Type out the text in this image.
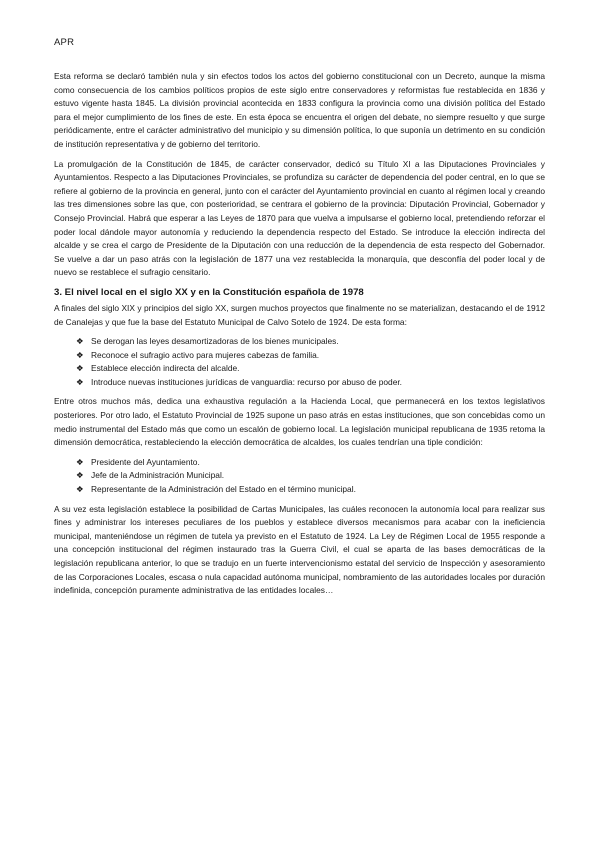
APR

Esta reforma se declaró también nula y sin efectos todos los actos del gobierno constitucional con un Decreto, aunque la misma como consecuencia de los cambios políticos propios de este siglo entre conservadores y reformistas fue restablecida en 1836 y estuvo vigente hasta 1845. La división provincial acontecida en 1833 configura la provincia como una división política del Estado para el mejor cumplimiento de los fines de este. En esta época se encuentra el origen del debate, no siempre resuelto y que surge periódicamente, entre el carácter administrativo del municipio y su dimensión política, lo que suponía un detrimento en su condición de institución representativa y de gobierno del territorio.

La promulgación de la Constitución de 1845, de carácter conservador, dedicó su Título XI a las Diputaciones Provinciales y Ayuntamientos. Respecto a las Diputaciones Provinciales, se profundiza su carácter de dependencia del poder central, en lo que se refiere al gobierno de la provincia en general, junto con el carácter del Ayuntamiento provincial en cuanto al régimen local y creando las tres dimensiones sobre las que, con posterioridad, se centrara el gobierno de la provincia: Diputación Provincial, Gobernador y Consejo Provincial. Habrá que esperar a las Leyes de 1870 para que vuelva a impulsarse el gobierno local, pretendiendo reforzar el poder local dándole mayor autonomía y reduciendo la dependencia respecto del Estado. Se introduce la elección indirecta del alcalde y se crea el cargo de Presidente de la Diputación con una reducción de la dependencia de esta respecto del Gobernador. Se vuelve a dar un paso atrás con la legislación de 1877 una vez restablecida la monarquía, que desconfía del poder local y de nuevo se restablece el sufragio censitario.

3. El nivel local en el siglo XX y en la Constitución española de 1978

A finales del siglo XIX y principios del siglo XX, surgen muchos proyectos que finalmente no se materializan, destacando el de 1912 de Canalejas y que fue la base del Estatuto Municipal de Calvo Sotelo de 1924. De esta forma:

❖ Se derogan las leyes desamortizadoras de los bienes municipales.
❖ Reconoce el sufragio activo para mujeres cabezas de familia.
❖ Establece elección indirecta del alcalde.
❖ Introduce nuevas instituciones jurídicas de vanguardia: recurso por abuso de poder.

Entre otros muchos más, dedica una exhaustiva regulación a la Hacienda Local, que permanecerá en los textos legislativos posteriores. Por otro lado, el Estatuto Provincial de 1925 supone un paso atrás en estas instituciones, que son concebidas como un medio instrumental del Estado más que como un escalón de gobierno local. La legislación municipal republicana de 1935 retoma la dimensión democrática, restableciendo la elección democrática de alcaldes, los cuales tendrían una tiple condición:

❖ Presidente del Ayuntamiento.
❖ Jefe de la Administración Municipal.
❖ Representante de la Administración del Estado en el término municipal.

A su vez esta legislación establece la posibilidad de Cartas Municipales, las cuáles reconocen la autonomía local para realizar sus fines y administrar los intereses peculiares de los pueblos y establece diversos mecanismos para acabar con la ineficiencia municipal, manteniéndose un régimen de tutela ya previsto en el Estatuto de 1924. La Ley de Régimen Local de 1955 responde a una concepción institucional del régimen instaurado tras la Guerra Civil, el cual se aparta de las bases democráticas de la legislación republicana anterior, lo que se tradujo en un fuerte intervencionismo estatal del servicio de Inspección y asesoramiento de las Corporaciones Locales, escasa o nula capacidad autónoma municipal, nombramiento de las autoridades locales por duración indefinida, concepción puramente administrativa de las entidades locales…
